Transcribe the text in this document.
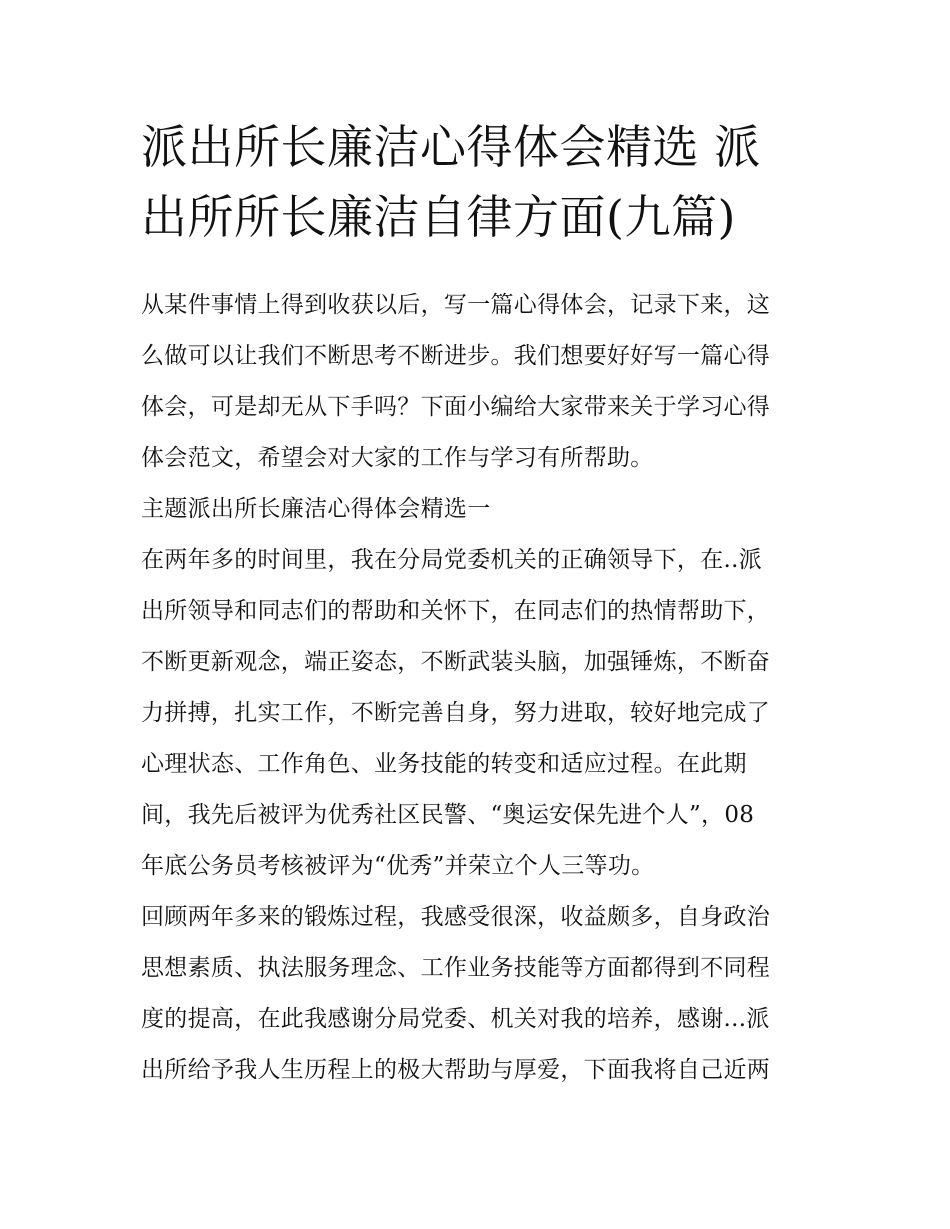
派出所长廉洁心得体会精选 派
出所所长廉洁自律方面(九篇)
从某件事情上得到收获以后，写一篇心得体会，记录下来，这
么做可以让我们不断思考不断进步。我们想要好好写一篇心得
体会，可是却无从下手吗？下面小编给大家带来关于学习心得
体会范文，希望会对大家的工作与学习有所帮助。
主题派出所长廉洁心得体会精选一
在两年多的时间里，我在分局党委机关的正确领导下，在..派
出所领导和同志们的帮助和关怀下，在同志们的热情帮助下，
不断更新观念，端正姿态，不断武装头脑，加强锤炼，不断奋
力拼搏，扎实工作，不断完善自身，努力进取，较好地完成了
心理状态、工作角色、业务技能的转变和适应过程。在此期
间，我先后被评为优秀社区民警、“奥运安保先进个人”，08
年底公务员考核被评为“优秀”并荣立个人三等功。
回顾两年多来的锻炼过程，我感受很深，收益颇多，自身政治
思想素质、执法服务理念、工作业务技能等方面都得到不同程
度的提高，在此我感谢分局党委、机关对我的培养，感谢...派
出所给予我人生历程上的极大帮助与厚爱，下面我将自己近两
